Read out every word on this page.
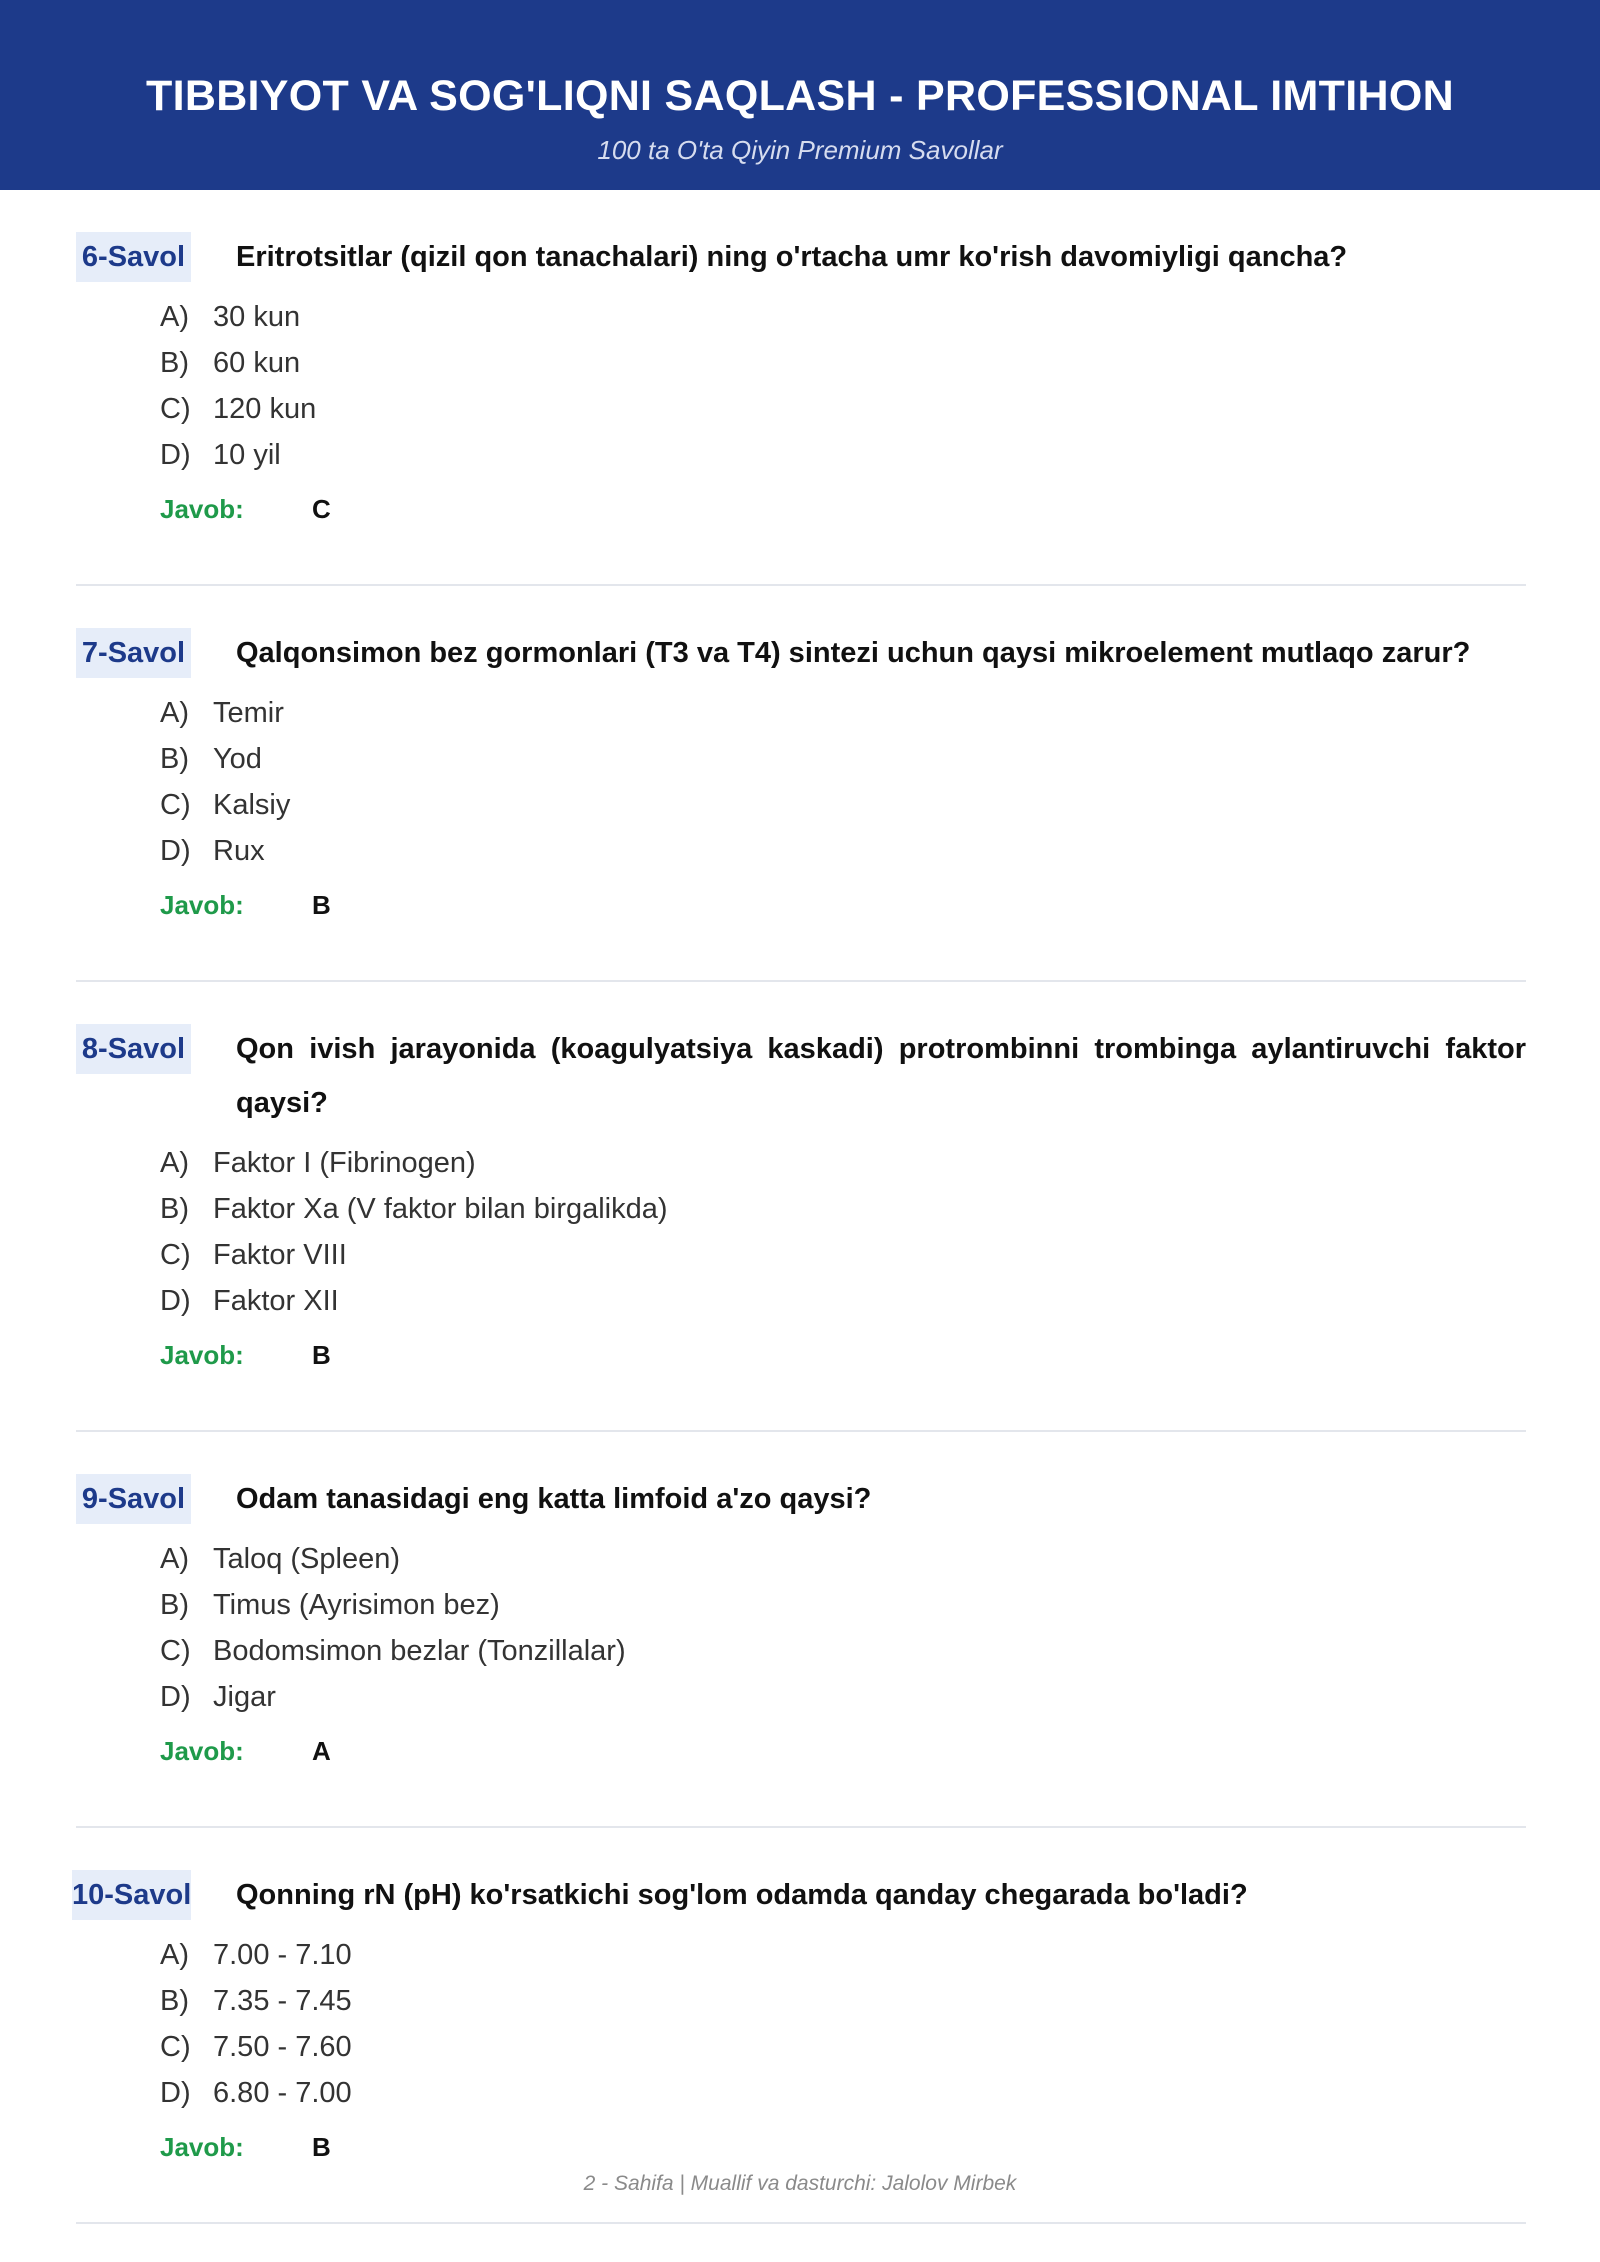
TIBBIYOT VA SOG'LIQNI SAQLASH - PROFESSIONAL IMTIHON
100 ta O'ta Qiyin Premium Savollar
6-Savol Eritrotsitlar (qizil qon tanachalari) ning o'rtacha umr ko'rish davomiyligi qancha?
A) 30 kun
B) 60 kun
C) 120 kun
D) 10 yil
Javob:	C
7-Savol Qalqonsimon bez gormonlari (T3 va T4) sintezi uchun qaysi mikroelement mutlaqo zarur?
A) Temir
B) Yod
C) Kalsiy
D) Rux
Javob:	B
8-Savol Qon ivish jarayonida (koagulyatsiya kaskadi) protrombinni trombinga aylantiruvchi faktor qaysi?
A) Faktor I (Fibrinogen)
B) Faktor Xa (V faktor bilan birgalikda)
C) Faktor VIII
D) Faktor XII
Javob:	B
9-Savol Odam tanasidagi eng katta limfoid a'zo qaysi?
A) Taloq (Spleen)
B) Timus (Ayrisimon bez)
C) Bodomsimon bezlar (Tonzillalar)
D) Jigar
Javob:	A
10-Savol Qonning rN (pH) ko'rsatkichi sog'lom odamda qanday chegarada bo'ladi?
A) 7.00 - 7.10
B) 7.35 - 7.45
C) 7.50 - 7.60
D) 6.80 - 7.00
Javob:	B
2 - Sahifa | Muallif va dasturchi: Jalolov Mirbek
